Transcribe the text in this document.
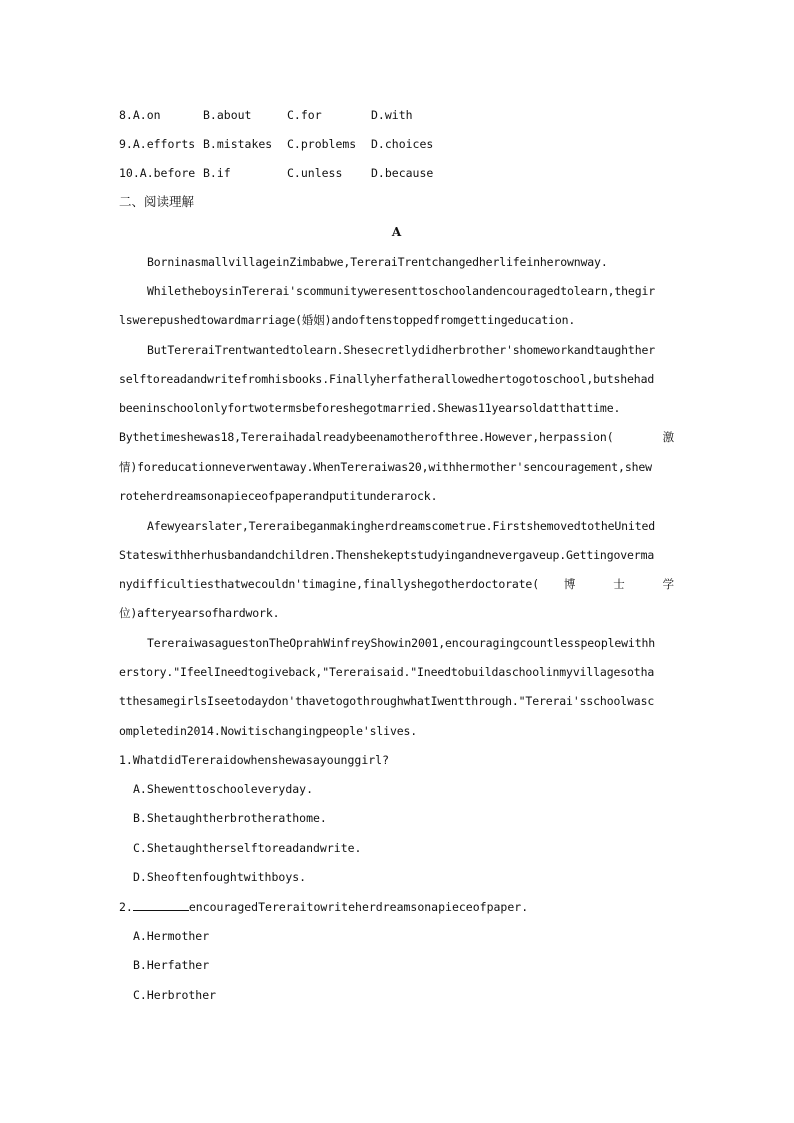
8.A.on	B.about	C.for	D.with
9.A.efforts B.mistakes C.problems D.choices
10.A.before B.if	C.unless D.because
二、阅读理解
A
BorninasmallvillageinZimbabwe,TereraiTrentchangedherlifeinherownway.
WhiletheboysinTererai'scommunityweresenttoschoolandencouragedtolearn,thegir
lswerepushedtowardmarriage(婚姻)andoftenstoppedfromgettingeducation.
ButTereraiTrentwantedtolearn.Shesecretlydidherbrother'shomeworkandtaughther
selftoreadandwritefromhisbooks.Finallyherfatherallowedhertogotoschool,butshehad
beeninschoolonlyfortwotermsbeforeshegotmarried.Shewas11yearsoldatthattime.
Bythetimeshewas18,Tereraihadalreadybeenamotherofthree.However,herpassion(	激
情)foreducationneverwentaway.WhenTereraiwas20,withhermother'sencouragement,shew
roteherdreamsonapieceofpaperandputitunderarock.
Afewyearslater,Tereraibeganmakingherdreamscometrue.FirstshemovedtotheUnited
Stateswithherhusbandandchildren.Thenshekeptstudyingandnevergaveup.Gettingoverma
nydifficultiesthatwecouldn'timagine,finallyshegotherdoctorate( 博	士	学
位)afteryearsofhardwork.
TereraiwasaguestonTheOprahWinfreyShowin2001,encouragingcountlesspeoplewithh
erstory."IfeelIneedtogiveback,"Tereraisaid."Ineedtobuildaschoolinmyvillagesotha
tthesamegirlsIseetodaydon'thavetogothroughwhatIwentthrough."Tererai'sschoolwasc
ompletedin2014.Nowitischangingpeople'slives.
1.WhatdidTereraidowhenshewasayounggirl?
A.Shewenttoschooleveryday.
B.Shetaughtherbrotherathome.
C.Shetaughtherselftoreadandwrite.
D.Sheoftenfoughtwithboys.
2.	encouragedTereraitowriteherdreamsonapieceofpaper.
A.Hermother
B.Herfather
C.Herbrother
